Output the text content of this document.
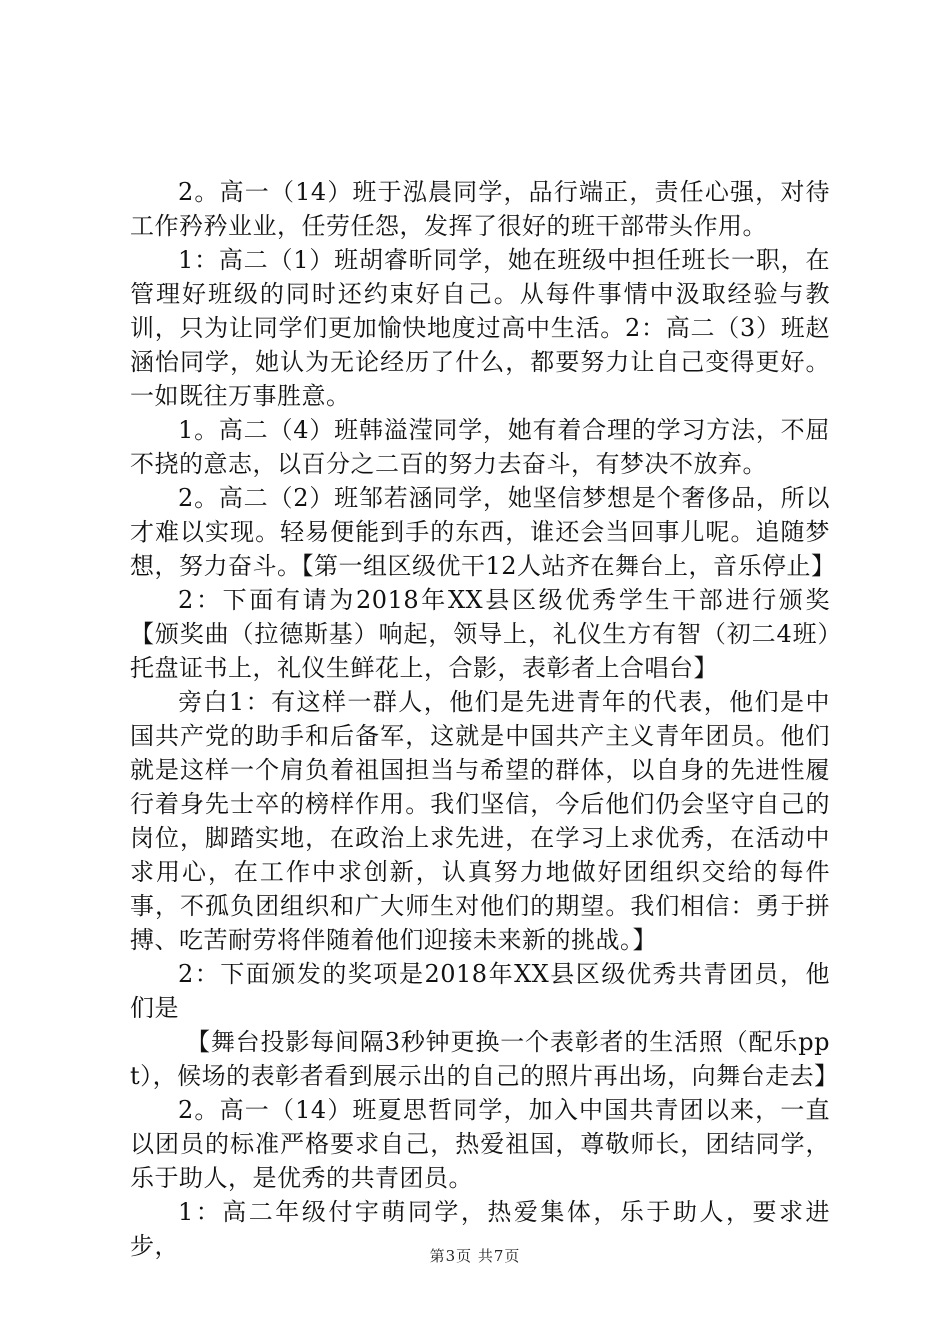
2。高一（14）班于泓晨同学，品行端正，责任心强，对待工作矜矜业业，任劳任怨，发挥了很好的班干部带头作用。

1：高二（1）班胡睿昕同学，她在班级中担任班长一职，在管理好班级的同时还约束好自己。从每件事情中汲取经验与教训，只为让同学们更加愉快地度过高中生活。2：高二（3）班赵涵怡同学，她认为无论经历了什么，都要努力让自己变得更好。一如既往万事胜意。

1。高二（4）班韩溢滢同学，她有着合理的学习方法，不屈不挠的意志，以百分之二百的努力去奋斗，有梦决不放弃。

2。高二（2）班邹若涵同学，她坚信梦想是个奢侈品，所以才难以实现。轻易便能到手的东西，谁还会当回事儿呢。追随梦想，努力奋斗。【第一组区级优干12人站齐在舞台上，音乐停止】

2：下面有请为2018年XX县区级优秀学生干部进行颁奖【颁奖曲（拉德斯基）响起，领导上，礼仪生方有智（初二4班）托盘证书上，礼仪生鲜花上，合影，表彰者上合唱台】

旁白1：有这样一群人，他们是先进青年的代表，他们是中国共产党的助手和后备军，这就是中国共产主义青年团员。他们就是这样一个肩负着祖国担当与希望的群体，以自身的先进性履行着身先士卒的榜样作用。我们坚信，今后他们仍会坚守自己的岗位，脚踏实地，在政治上求先进，在学习上求优秀，在活动中求用心，在工作中求创新，认真努力地做好团组织交给的每件事，不孤负团组织和广大师生对他们的期望。我们相信：勇于拼搏、吃苦耐劳将伴随着他们迎接未来新的挑战。】

2：下面颁发的奖项是2018年XX县区级优秀共青团员，他们是

【舞台投影每间隔3秒钟更换一个表彰者的生活照（配乐ppt），候场的表彰者看到展示出的自己的照片再出场，向舞台走去】

2。高一（14）班夏思哲同学，加入中国共青团以来，一直以团员的标准严格要求自己，热爱祖国，尊敬师长，团结同学，乐于助人，是优秀的共青团员。

1：高二年级付宇萌同学，热爱集体，乐于助人，要求进步，	第3页 共7页
